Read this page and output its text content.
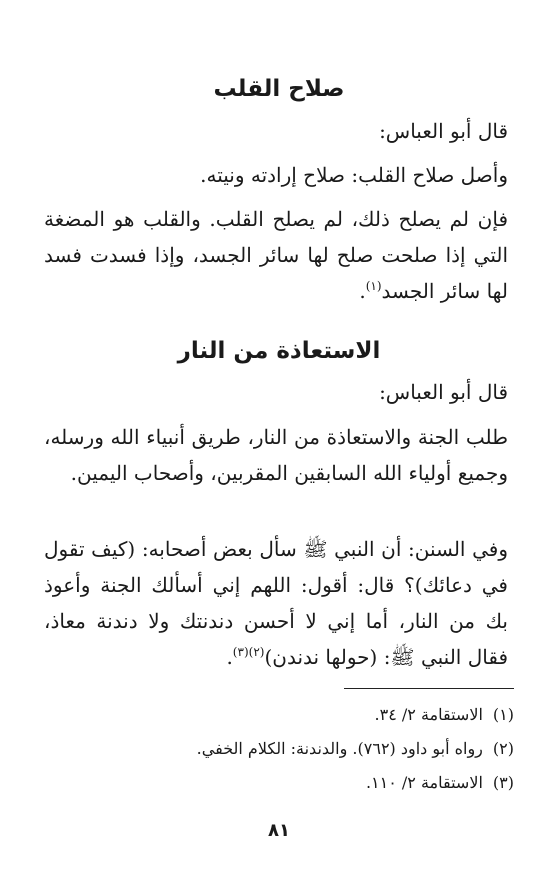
صلاح القلب

قال أبو العباس:

وأصل صلاح القلب: صلاح إرادته ونيته.

فإن لم يصلح ذلك، لم يصلح القلب. والقلب هو المضغة التي إذا صلحت صلح لها سائر الجسد، وإذا فسدت فسد لها سائر الجسد$^{(١)}$.

الاستعاذة من النار

قال أبو العباس:

طلب الجنة والاستعاذة من النار، طريق أنبياء الله ورسله، وجميع أولياء الله السابقين المقربين، وأصحاب اليمين.

وفي السنن: أن النبي ﷺ سأل بعض أصحابه: (كيف تقول في دعائك)؟ قال: أقول: اللهم إني أسألك الجنة وأعوذ بك من النار، أما إني لا أحسن دندنتك ولا دندنة معاذ، فقال النبي ﷺ: (حولها ندندن)$^{(٢)(٣)}$.

(١)الاستقامة ٢/ ٣٤.
(٢)رواه أبو داود (٧٦٢). والدندنة: الكلام الخفي.
(٣)الاستقامة ٢/ ١١٠.
٨١
